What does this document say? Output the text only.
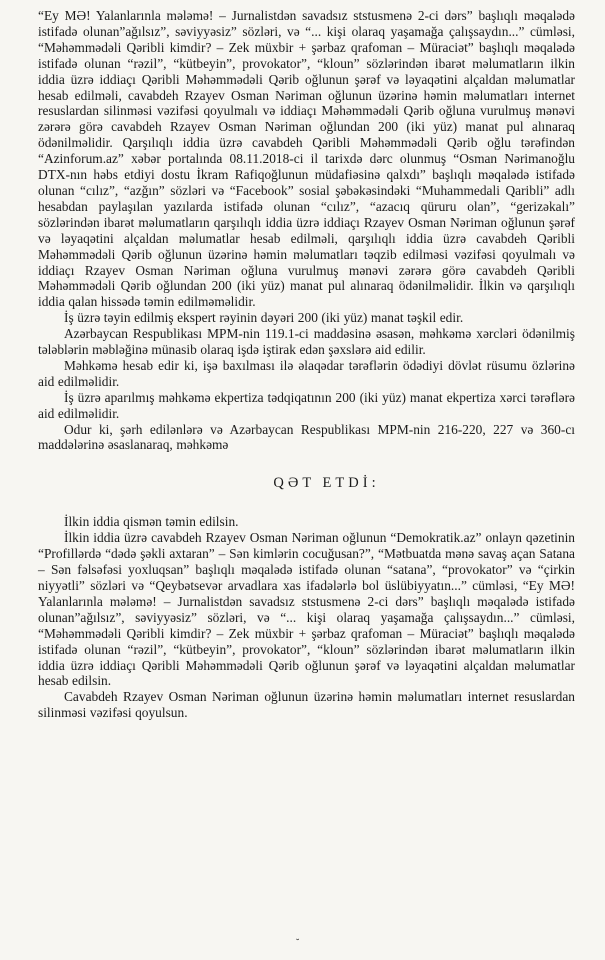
“Ey MƏ! Yalanlarınla mələmə! – Jurnalistdən savadsız ststusmenə 2-ci dərs” başlıqlı məqalədə istifadə olunan”ağılsız”, səviyyəsiz” sözləri, və “... kişi olaraq yaşamağa çalışsaydın...” cümləsi, “Məhəmmədəli Qəribli kimdir? – Zek müxbir + şərbaz qrafoman – Müraciət” başlıqlı məqalədə istifadə olunan “rəzil”, “kütbeyin”, provokator”, “kloun” sözlərindən ibarət məlumatların ilkin iddia üzrə iddiaçı Qəribli Məhəmmədəli Qərib oğlunun şərəf və ləyaqətini alçaldan məlumatlar hesab edilməli, cavabdeh Rzayev Osman Nəriman oğlunun üzərinə həmin məlumatları internet resuslardan silinməsi vəzifəsi qoyulmalı və iddiaçı Məhəmmədəli Qərib oğluna vurulmuş mənəvi zərərə görə cavabdeh Rzayev Osman Nəriman oğlundan 200 (iki yüz) manat pul alınaraq ödənilməlidir. Qarşılıqlı iddia üzrə cavabdeh Qəribli Məhəmmədəli Qərib oğlu tərəfindən “Azinforum.az” xəbər portalında 08.11.2018-ci il tarixdə dərc olunmuş “Osman Nərimanoğlu DTX-nın həbs etdiyi dostu İkram Rafiqoğlunun müdafiəsinə qalxdı” başlıqlı məqalədə istifadə olunan “cılız”, “azğın” sözləri və “Facebook” sosial şəbəkəsindəki “Muhammedali Qaribli” adlı hesabdan paylaşılan yazılarda istifadə olunan “cılız”, “azacıq qüruru olan”, “gerizəkalı” sözlərindən ibarət məlumatların qarşılıqlı iddia üzrə iddiaçı Rzayev Osman Nəriman oğlunun şərəf və ləyaqətini alçaldan məlumatlar hesab edilməli, qarşılıqlı iddia üzrə cavabdeh Qəribli Məhəmmədəli Qərib oğlunun üzərinə həmin məlumatları təqzib edilməsi vəzifəsi qoyulmalı və iddiaçı Rzayev Osman Nəriman oğluna vurulmuş mənəvi zərərə görə cavabdeh Qəribli Məhəmmədəli Qərib oğlundan 200 (iki yüz) manat pul alınaraq ödənilməlidir. İlkin və qarşılıqlı iddia qalan hissədə təmin edilməməlidir.

İş üzrə təyin edilmiş ekspert rəyinin dəyəri 200 (iki yüz) manat təşkil edir.

Azərbaycan Respublikası MPM-nin 119.1-ci maddəsinə əsasən, məhkəmə xərcləri ödənilmiş tələblərin məbləğinə münasib olaraq işdə iştirak edən şəxslərə aid edilir.

Məhkəmə hesab edir ki, işə baxılması ilə əlaqədar tərəflərin ödədiyi dövlət rüsumu özlərinə aid edilməlidir.

İş üzrə aparılmış məhkəmə ekpertiza tədqiqatının 200 (iki yüz) manat ekpertiza xərci tərəflərə aid edilməlidir.

Odur ki, şərh edilənlərə və Azərbaycan Respublikası MPM-nin 216-220, 227 və 360-cı maddələrinə əsaslanaraq, məhkəmə

QƏT ETDİ:

İlkin iddia qismən təmin edilsin.

İlkin iddia üzrə cavabdeh Rzayev Osman Nəriman oğlunun “Demokratik.az” onlayn qəzetinin “Profillərdə “dədə şəkli axtaran” – Sən kimlərin cocuğusan?”, “Mətbuatda mənə savaş açan Satana – Sən fəlsəfəsi yoxluqsan” başlıqlı məqalədə istifadə olunan “satana”, “provokator” və “çirkin niyyətli” sözləri və “Qeybətsevər arvadlara xas ifadələrlə bol üslübiyyatın...” cümləsi, “Ey MƏ! Yalanlarınla mələmə! – Jurnalistdən savadsız ststusmenə 2-ci dərs” başlıqlı məqalədə istifadə olunan”ağılsız”, səviyyəsiz” sözləri, və “... kişi olaraq yaşamağa çalışsaydın...” cümləsi, “Məhəmmədəli Qəribli kimdir? – Zek müxbir + şərbaz qrafoman – Müraciət” başlıqlı məqalədə istifadə olunan “rəzil”, “kütbeyin”, provokator”, “kloun” sözlərindən ibarət məlumatların ilkin iddia üzrə iddiaçı Qəribli Məhəmmədəli Qərib oğlunun şərəf və ləyaqətini alçaldan məlumatlar hesab edilsin.

Cavabdeh Rzayev Osman Nəriman oğlunun üzərinə həmin məlumatları internet resuslardan silinməsi vəzifəsi qoyulsun.

˘
